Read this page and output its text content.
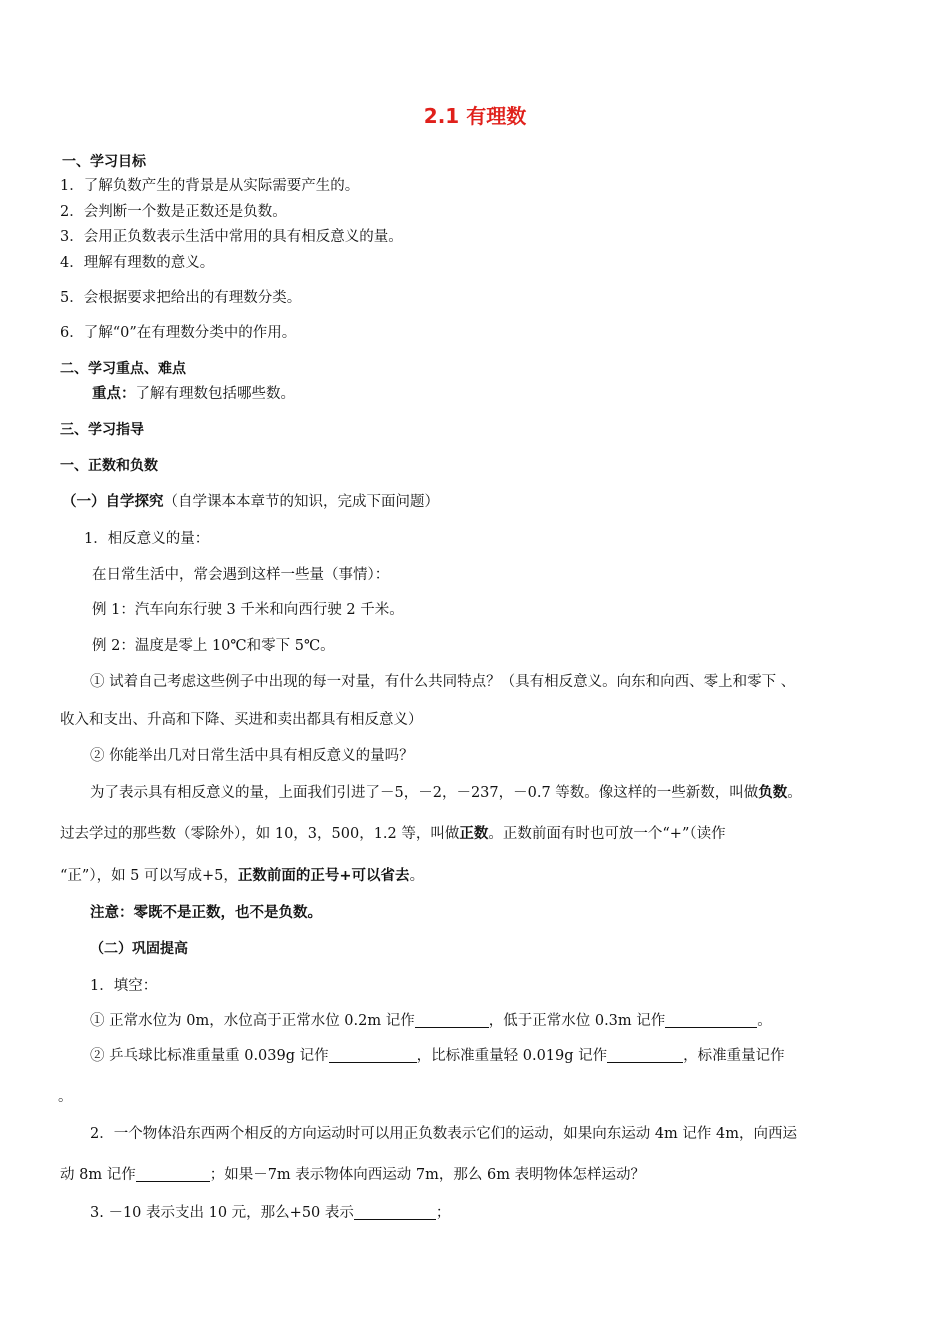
2.1 有理数
一、学习目标
1．了解负数产生的背景是从实际需要产生的。
2．会判断一个数是正数还是负数。
3．会用正负数表示生活中常用的具有相反意义的量。
4．理解有理数的意义。
5．会根据要求把给出的有理数分类。
6．了解“0”在有理数分类中的作用。
二、学习重点、难点
重点：了解有理数包括哪些数。
三、学习指导
一、正数和负数
（一）自学探究（自学课本本章节的知识，完成下面问题）
1．相反意义的量：
在日常生活中，常会遇到这样一些量（事情）：
例 1：汽车向东行驶 3 千米和向西行驶 2 千米。
例 2：温度是零上 10℃和零下 5℃。
① 试着自己考虑这些例子中出现的每一对量，有什么共同特点？（具有相反意义。向东和向西、零上和零下 、
收入和支出、升高和下降、买进和卖出都具有相反意义）
② 你能举出几对日常生活中具有相反意义的量吗？
为了表示具有相反意义的量，上面我们引进了－5，－2，－237，－0.7 等数。像这样的一些新数，叫做负数。
过去学过的那些数（零除外），如 10，3，500，1.2 等，叫做正数。正数前面有时也可放一个“+”（读作
“正”），如 5 可以写成+5，正数前面的正号+可以省去。
注意：零既不是正数，也不是负数。
（二）巩固提高
1．填空：
① 正常水位为 0m，水位高于正常水位 0.2m 记作	，低于正常水位 0.3m 记作	。
② 乒乓球比标准重量重 0.039g 记作	，比标准重量轻 0.019g 记作	，标准重量记作
。
2．一个物体沿东西两个相反的方向运动时可以用正负数表示它们的运动，如果向东运动 4m 记作 4m，向西运
动 8m 记作	；如果－7m 表示物体向西运动 7m，那么 6m 表明物体怎样运动？
3. －10 表示支出 10 元，那么+50 表示	；
